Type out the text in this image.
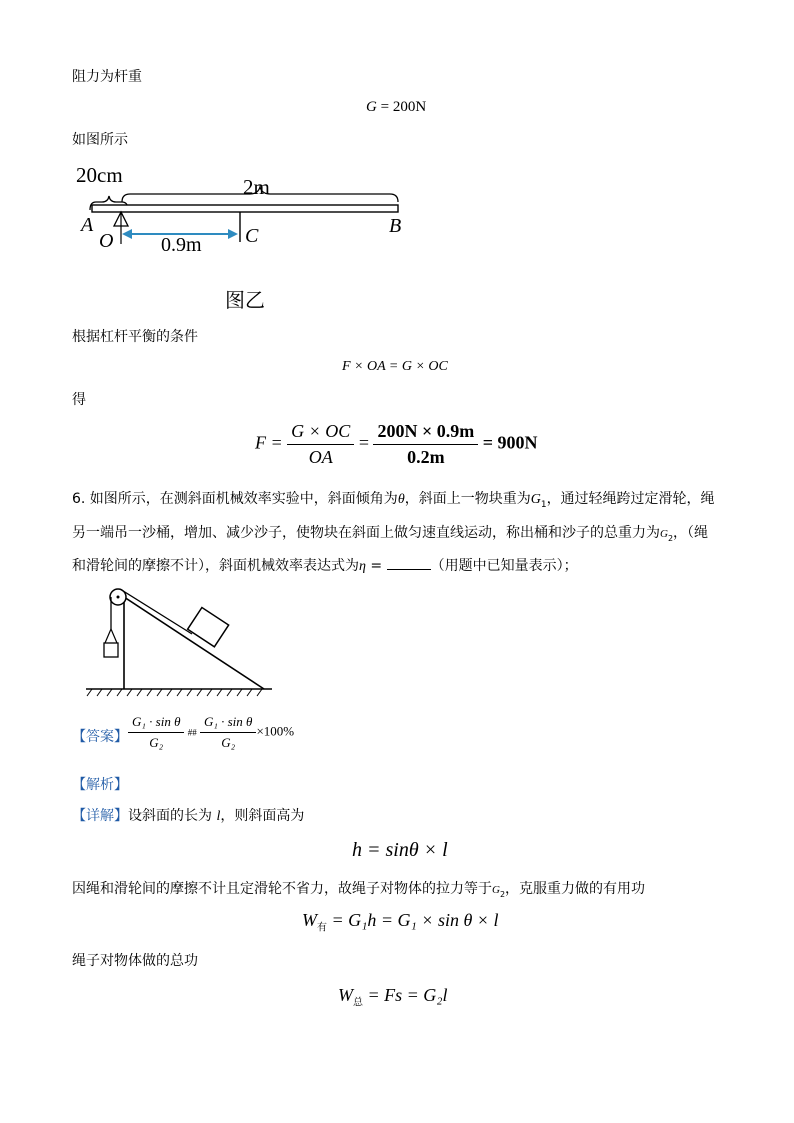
阻力为杆重
G = 200N
如图所示
20cm	2m
A
O	C	B
0.9m
图乙
根据杠杆平衡的条件
F × OA = G × OC
得
$F = \frac{G \times OC}{OA} = \frac{200N \times 0.9m}{0.2m} = 900N$
6. 如图所示，在测斜面机械效率实验中，斜面倾角为θ，斜面上一物块重为$G_1$，通过轻绳跨过定滑轮，绳
另一端吊一沙桶，增加、减少沙子，使物块在斜面上做匀速直线运动，称出桶和沙子的总重力为$G_2$，（绳
和滑轮间的摩擦不计），斜面机械效率表达式为η =	（用题中已知量表示）；
【答案】 $\frac{\text{G₁ · sin θ}}{\text{G₂}}$ ## $\frac{\text{G₁ · sin θ}}{\text{G₂}} \times 100\%$
【解析】
【详解】设斜面的长为 l，则斜面高为
h = sinθ × l
因绳和滑轮间的摩擦不计且定滑轮不省力，故绳子对物体的拉力等于$G_2$，克服重力做的有用功
$W_有 = G_1h = G_1 \times \sin \theta \times l$
绳子对物体做的总功
$W_总 = Fs = G_2l$
